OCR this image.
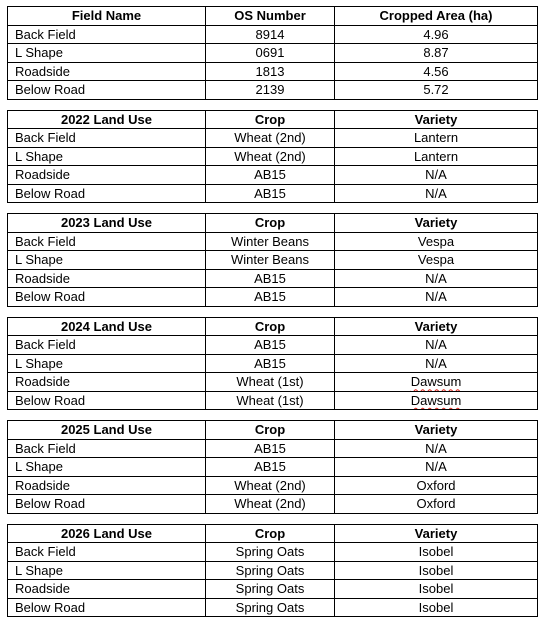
Field Name	OS Number	Cropped Area (ha)
Back Field	8914	4.96
L Shape	0691	8.87
Roadside	1813	4.56
Below Road	2139	5.72
2022 Land Use	Crop	Variety
Back Field	Wheat (2nd)	Lantern
L Shape	Wheat (2nd)	Lantern
Roadside	AB15	N/A
Below Road	AB15	N/A
2023 Land Use	Crop	Variety
Back Field	Winter Beans	Vespa
L Shape	Winter Beans	Vespa
Roadside	AB15	N/A
Below Road	AB15	N/A
2024 Land Use	Crop	Variety
Back Field	AB15	N/A
L Shape	AB15	N/A
Roadside	Wheat (1st)	Dawsum
Below Road	Wheat (1st)	Dawsum
2025 Land Use	Crop	Variety
Back Field	AB15	N/A
L Shape	AB15	N/A
Roadside	Wheat (2nd)	Oxford
Below Road	Wheat (2nd)	Oxford
2026 Land Use	Crop	Variety
Back Field	Spring Oats	Isobel
L Shape	Spring Oats	Isobel
Roadside	Spring Oats	Isobel
Below Road	Spring Oats	Isobel
